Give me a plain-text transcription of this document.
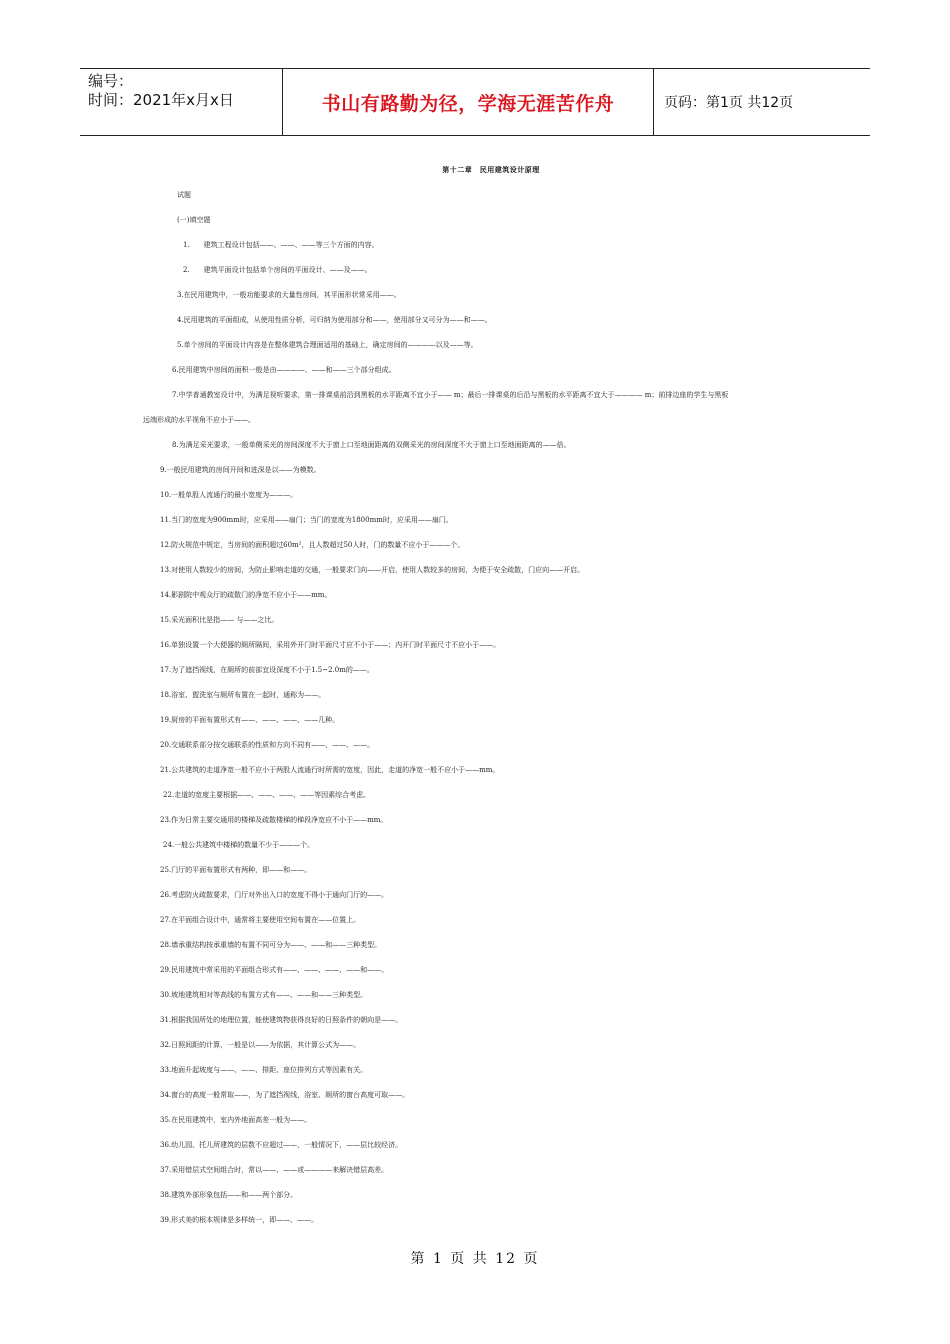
编号：
时间：2021年x月x日	书山有路勤为径，学海无涯苦作舟	页码：第1页 共12页
第十二章　民用建筑设计原理
试题
(一)填空题
1.　　建筑工程设计包括——、——、——等三个方面的内容。
2.　　建筑平面设计包括单个房间的平面设计、——及——。
3.在民用建筑中，一般功能要求的大量性房间，其平面形状常采用——。
4.民用建筑的平面组成，从使用性质分析，可归纳为使用部分和——，使用部分又可分为——和——。
5.单个房间的平面设计内容是在整体建筑合理面适用的基础上，确定房间的————以及——等。
6.民用建筑中房间的面积一般是由————、——和——三个部分组成。
7.中学普通教室设计中，为满足视听要求，第一排课桌前沿到黑板的水平距离不宜小于—— m；最后一排课桌的后沿与黑板的水平距离不宜大于———— m；前排边座的学生与黑板
远端形成的水平视角不应小于——。
8.为满足采光要求，一般单侧采光的房间深度不大于窗上口至地面距离的双侧采光的房间深度不大于窗上口至地面距离的——倍。
9.一般民用建筑的房间开间和进深是以——为模数。
10.一般单股人流通行的最小宽度为———。
11.当门的宽度为900mm时，应采用——扇门；当门的宽度为1800mm时，应采用——扇门。
12.防火规范中规定，当房间的面积超过60m²，且人数超过50人时，门的数量不应小于———个。
13.对使用人数较少的房间，为防止影响走道的交通，一般要求门向——开启，使用人数较多的房间，为便于安全疏散，门应向——开启。
14.影剧院中观众厅的疏散门的净宽不应小于——mm。
15.采光面积比是指—— 与——之比。
16.单独设置一个大便器的厕所隔间，采用外开门时平面尺寸应不小于——；内开门时平面尺寸不应小于——。
17.为了遮挡视线，在厕所的前部宜设深度不小于1.5~2.0m的——。
18.浴室、盥洗室与厕所布置在一起时，通称为——。
19.厨房的平面布置形式有——、——、——、——几种。
20.交通联系部分按交通联系的性质和方向不同有——、——、——。
21.公共建筑的走道净宽一般不应小于两股人流通行时所需的宽度，因此，走道的净宽一般不应小于——mm。
22.走道的宽度主要根据——、——、——、——等因素综合考虑。
23.作为日常主要交通用的楼梯及疏散楼梯的梯段净宽应不小于——mm。
24.一般公共建筑中楼梯的数量不少于———个。
25.门厅的平面布置形式有两种，即——和——。
26.考虑防火疏散要求，门厅对外出入口的宽度不得小于通向门厅的——。
27.在平面组合设计中，通常将主要使用空间布置在——位置上。
28.墙承重结构按承重墙的布置不同可分为——、——和——三种类型。
29.民用建筑中常采用的平面组合形式有——、——、——、——和——。
30.坡地建筑相对等高线的布置方式有——、——和——三种类型。
31.根据我国所处的地理位置，能使建筑物获得良好的日照条件的朝向是——。
32.日照间距的计算，一般是以——为依据，其计算公式为——。
33.地面升起坡度与——、——、排距、座位排列方式等因素有关。
34.窗台的高度一般常取——，为了遮挡视线，浴室、厕所的窗台高度可取——。
35.在民用建筑中，室内外地面高差一般为——。
36.幼儿园、托儿所建筑的层数不应超过——，一般情况下，——层比较经济。
37.采用错层式空间组合时，常以——、——或————来解决错层高差。
38.建筑外部形象包括——和——两个部分。
39.形式美的根本规律是多样统一，即——、——。
第 1 页 共 12 页
